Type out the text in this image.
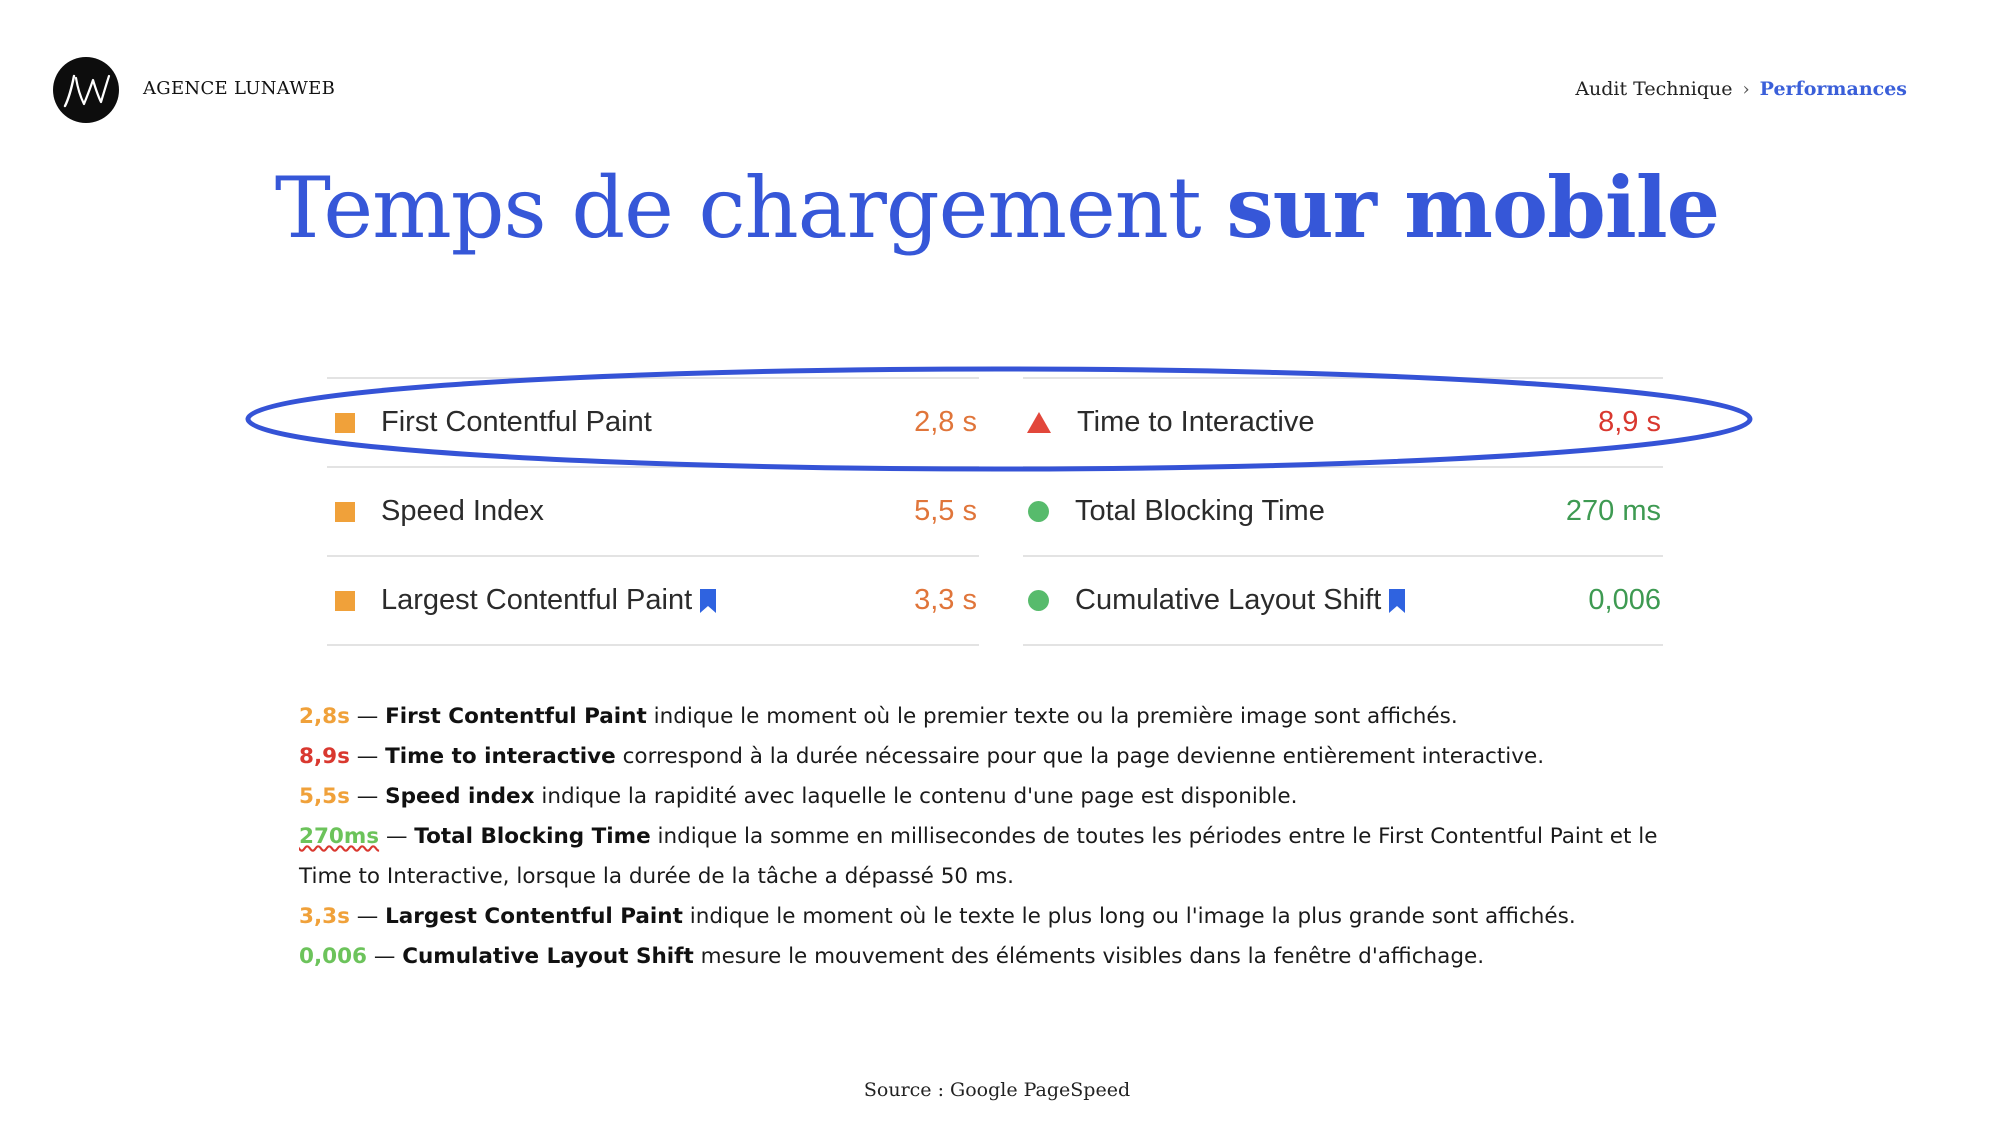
AGENCE LUNAWEB	Audit Technique › Performances
Temps de chargement sur mobile
First Contentful Paint	2,8 s
Speed Index	5,5 s
Largest Contentful Paint	3,3 s
Time to Interactive	8,9 s
Total Blocking Time	270 ms
Cumulative Layout Shift	0,006

2,8s — First Contentful Paint indique le moment où le premier texte ou la première image sont affichés.

8,9s — Time to interactive correspond à la durée nécessaire pour que la page devienne entièrement interactive.

5,5s — Speed index indique la rapidité avec laquelle le contenu d'une page est disponible.

270ms — Total Blocking Time indique la somme en millisecondes de toutes les périodes entre le First Contentful Paint et le Time to Interactive, lorsque la durée de la tâche a dépassé 50 ms.

3,3s — Largest Contentful Paint indique le moment où le texte le plus long ou l'image la plus grande sont affichés.

0,006 — Cumulative Layout Shift mesure le mouvement des éléments visibles dans la fenêtre d'affichage.

Source : Google PageSpeed
